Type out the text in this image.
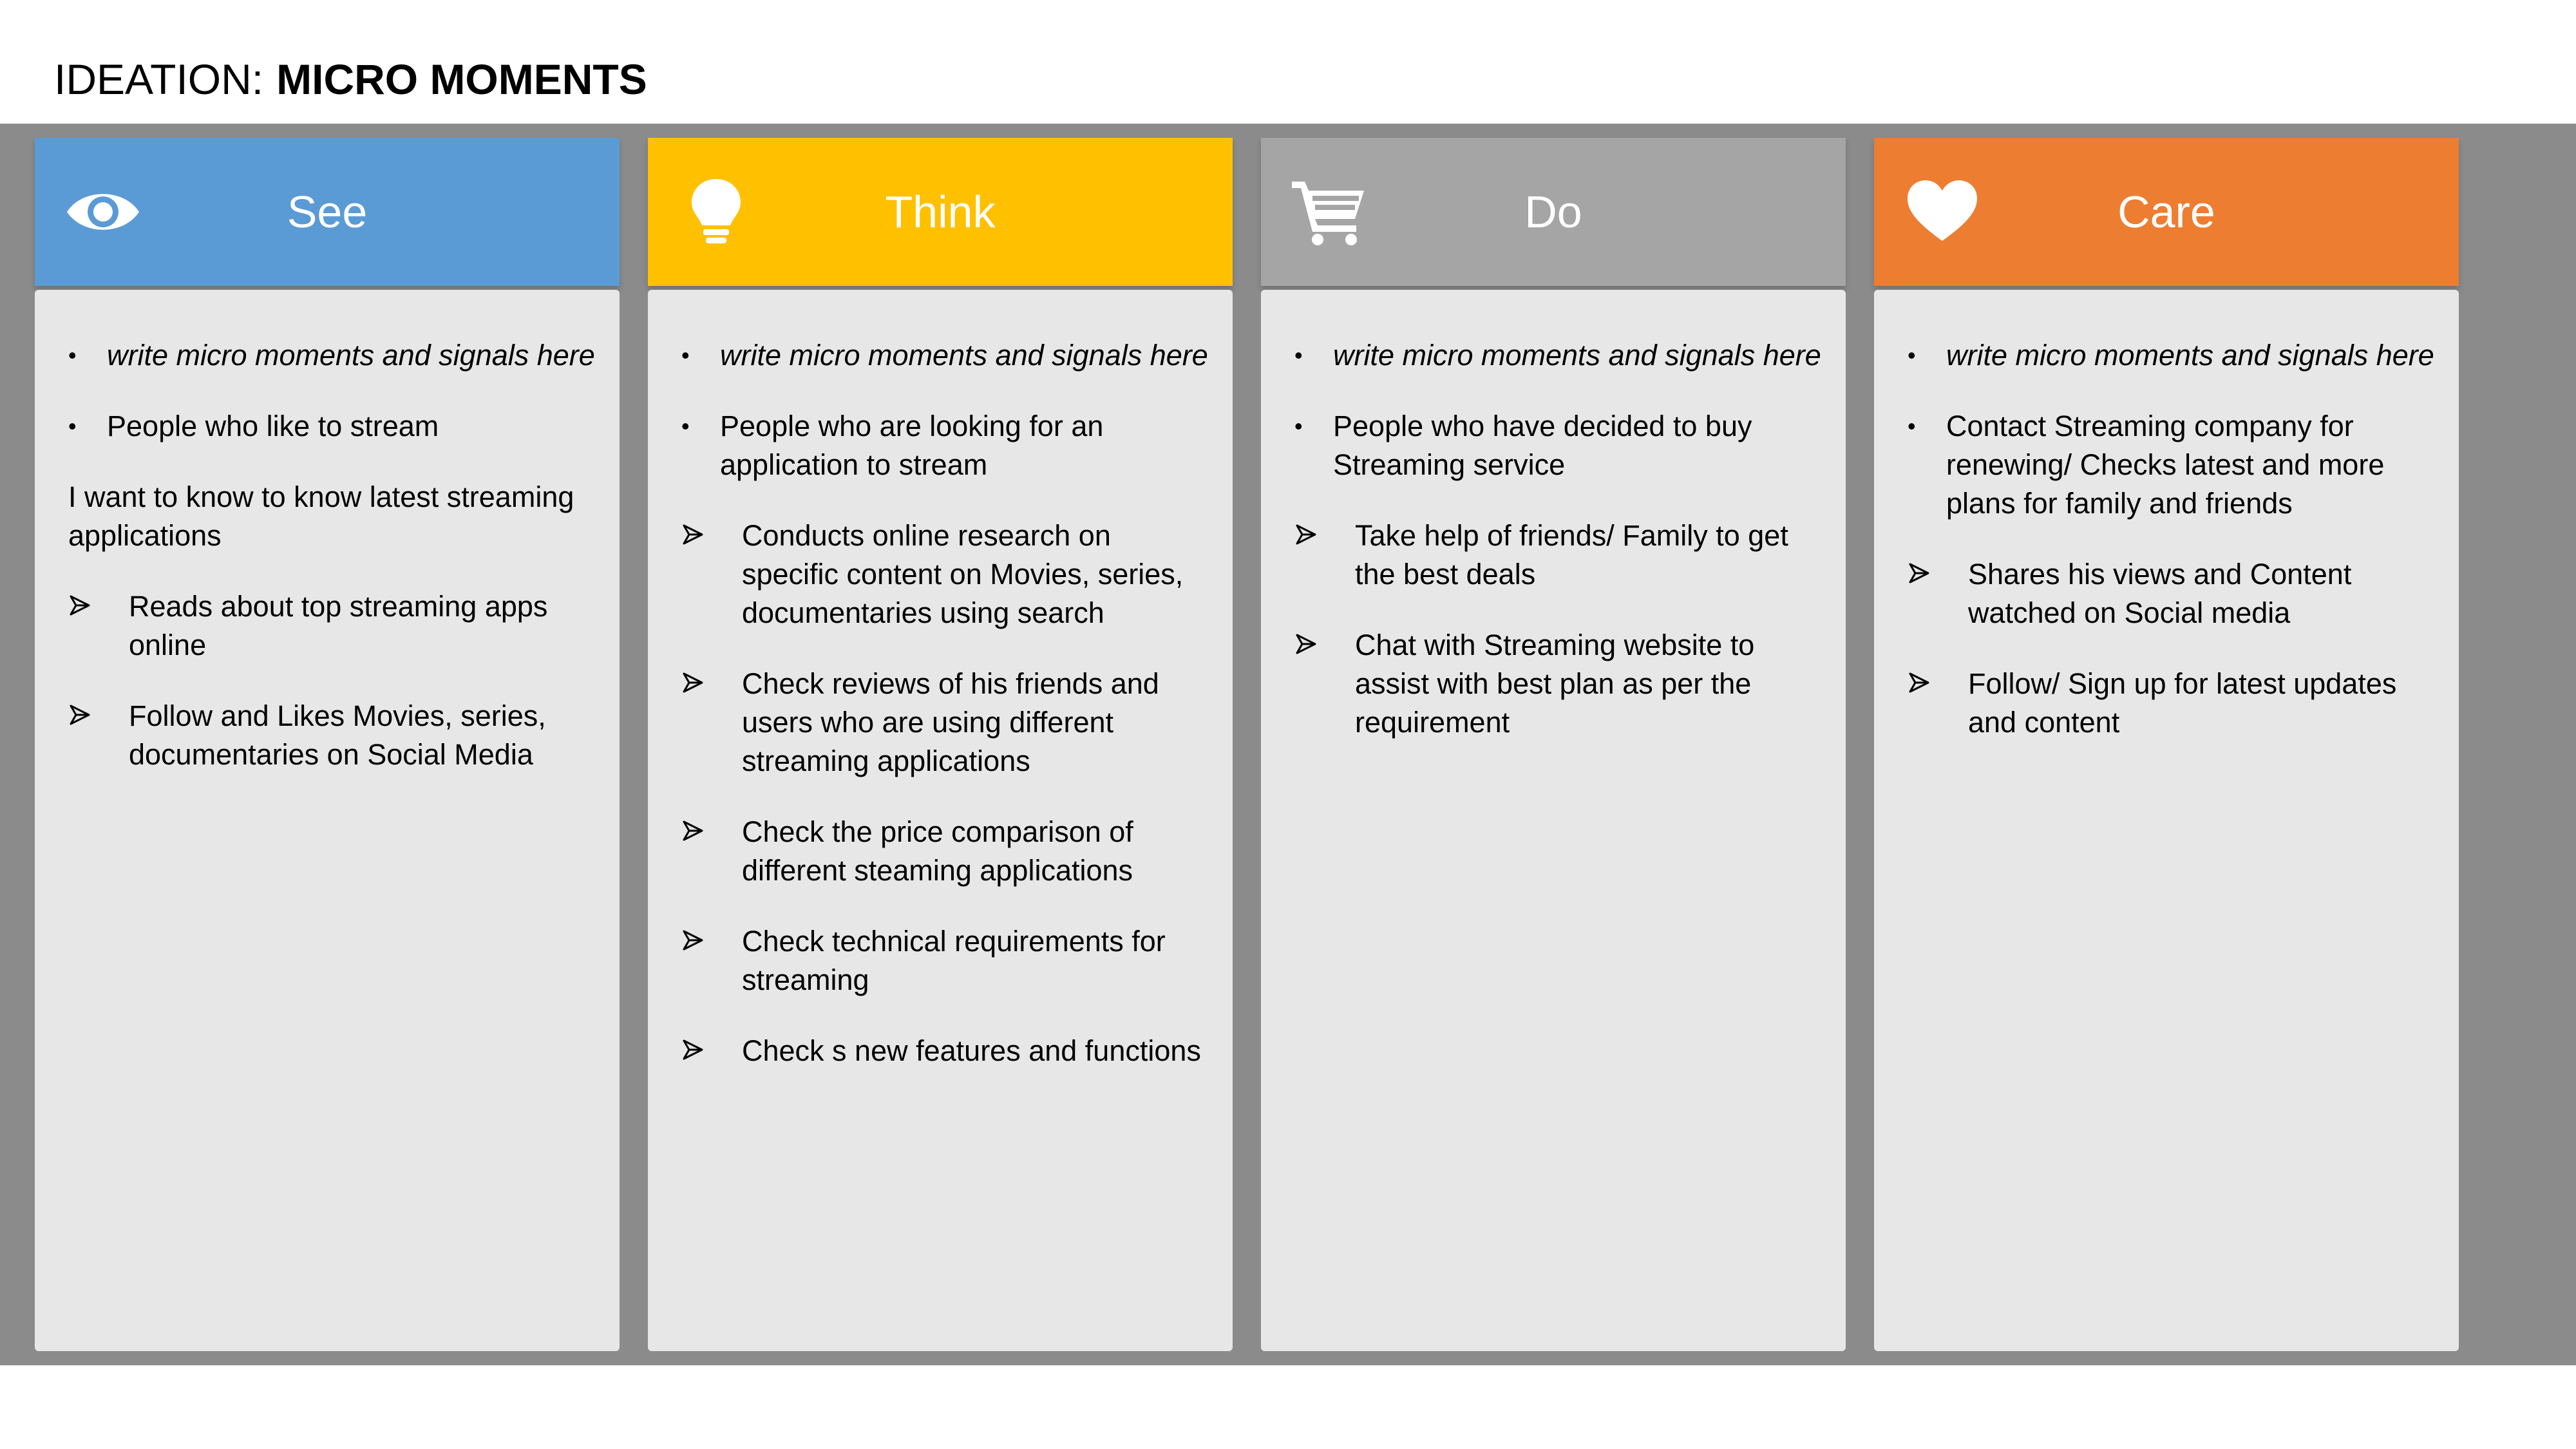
IDEATION: MICRO MOMENTS
See
• write micro moments and signals here
• People who like to stream
I want to know to know latest streaming applications
Reads about top streaming apps online
Follow and Likes Movies, series, documentaries on Social Media
Think
• write micro moments and signals here
• People who are looking for an application to stream
Conducts online research on specific content on Movies, series, documentaries using search
Check reviews of his friends and users who are using different streaming applications
Check the price comparison of different steaming applications
Check technical requirements for streaming
Check s new features and functions
Do
• write micro moments and signals here
• People who have decided to buy Streaming service
Take help of friends/ Family to get the best deals
Chat with Streaming website to assist with best plan as per the requirement
Care
• write micro moments and signals here
• Contact Streaming company for renewing/ Checks latest and more plans for family and friends
Shares his views and Content watched on Social media
Follow/ Sign up for latest updates and content
